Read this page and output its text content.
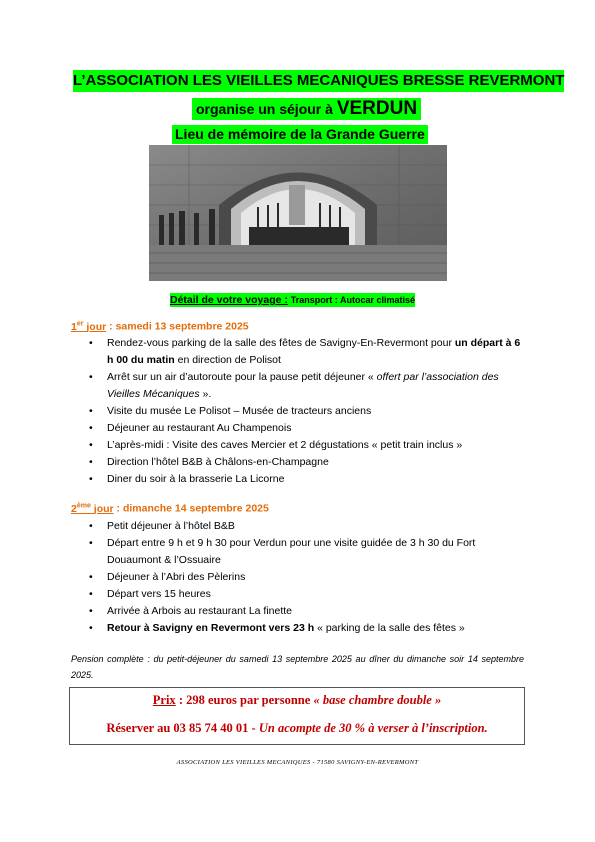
L’ASSOCIATION LES VIEILLES MECANIQUES BRESSE REVERMONT
organise un séjour à VERDUN
Lieu de mémoire de la Grande Guerre
Détail de votre voyage : Transport : Autocar climatisé
1er jour : samedi 13 septembre 2025
• Rendez-vous parking de la salle des fêtes de Savigny-En-Revermont pour un départ à 6 h 00 du matin en direction de Polisot
• Arrêt sur un air d’autoroute pour la pause petit déjeuner « offert par l’association des Vieilles Mécaniques ».
• Visite du musée Le Polisot – Musée de tracteurs anciens
• Déjeuner au restaurant Au Champenois
• L’après-midi : Visite des caves Mercier et 2 dégustations « petit train inclus »
• Direction l’hôtel B&B à Châlons-en-Champagne
• Diner du soir à la brasserie La Licorne
2ème jour : dimanche 14 septembre 2025
• Petit déjeuner à l’hôtel B&B
• Départ entre 9 h et 9 h 30 pour Verdun pour une visite guidée de 3 h 30 du Fort Douaumont & l’Ossuaire
• Déjeuner à l’Abri des Pèlerins
• Départ vers 15 heures
• Arrivée à Arbois au restaurant La finette
• Retour à Savigny en Revermont vers 23 h « parking de la salle des fêtes »
Pension complète : du petit-déjeuner du samedi 13 septembre 2025 au dîner du dimanche soir 14 septembre 2025.
Prix : 298 euros par personne « base chambre double »
Réserver au 03 85 74 40 01 - Un acompte de 30 % à verser à l’inscription.
ASSOCIATION LES VIEILLES MECANIQUES - 71580 SAVIGNY-EN-REVERMONT
